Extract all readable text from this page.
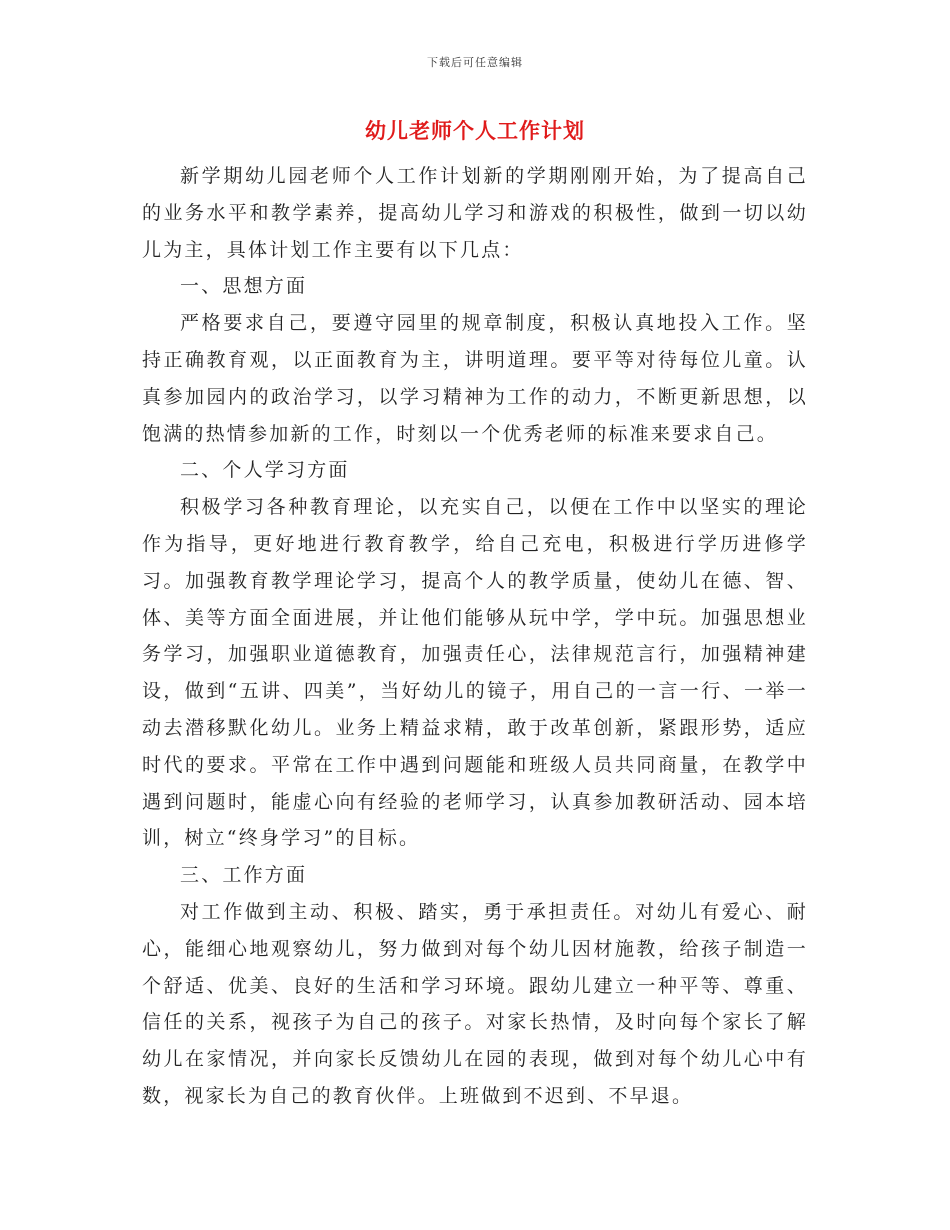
下载后可任意编辑
幼儿老师个人工作计划

新学期幼儿园老师个人工作计划新的学期刚刚开始，为了提高自己的业务水平和教学素养，提高幼儿学习和游戏的积极性，做到一切以幼儿为主，具体计划工作主要有以下几点：

一、思想方面

严格要求自己，要遵守园里的规章制度，积极认真地投入工作。坚持正确教育观，以正面教育为主，讲明道理。要平等对待每位儿童。认真参加园内的政治学习，以学习精神为工作的动力，不断更新思想，以饱满的热情参加新的工作，时刻以一个优秀老师的标准来要求自己。

二、个人学习方面

积极学习各种教育理论，以充实自己，以便在工作中以坚实的理论作为指导，更好地进行教育教学，给自己充电，积极进行学历进修学习。加强教育教学理论学习，提高个人的教学质量，使幼儿在德、智、体、美等方面全面进展，并让他们能够从玩中学，学中玩。加强思想业务学习，加强职业道德教育，加强责任心，法律规范言行，加强精神建设，做到“五讲、四美”，当好幼儿的镜子，用自己的一言一行、一举一动去潜移默化幼儿。业务上精益求精，敢于改革创新，紧跟形势，适应时代的要求。平常在工作中遇到问题能和班级人员共同商量，在教学中遇到问题时，能虚心向有经验的老师学习，认真参加教研活动、园本培训，树立“终身学习”的目标。

三、工作方面

对工作做到主动、积极、踏实，勇于承担责任。对幼儿有爱心、耐心，能细心地观察幼儿，努力做到对每个幼儿因材施教，给孩子制造一个舒适、优美、良好的生活和学习环境。跟幼儿建立一种平等、尊重、信任的关系，视孩子为自己的孩子。对家长热情，及时向每个家长了解幼儿在家情况，并向家长反馈幼儿在园的表现，做到对每个幼儿心中有数，视家长为自己的教育伙伴。上班做到不迟到、不早退。
